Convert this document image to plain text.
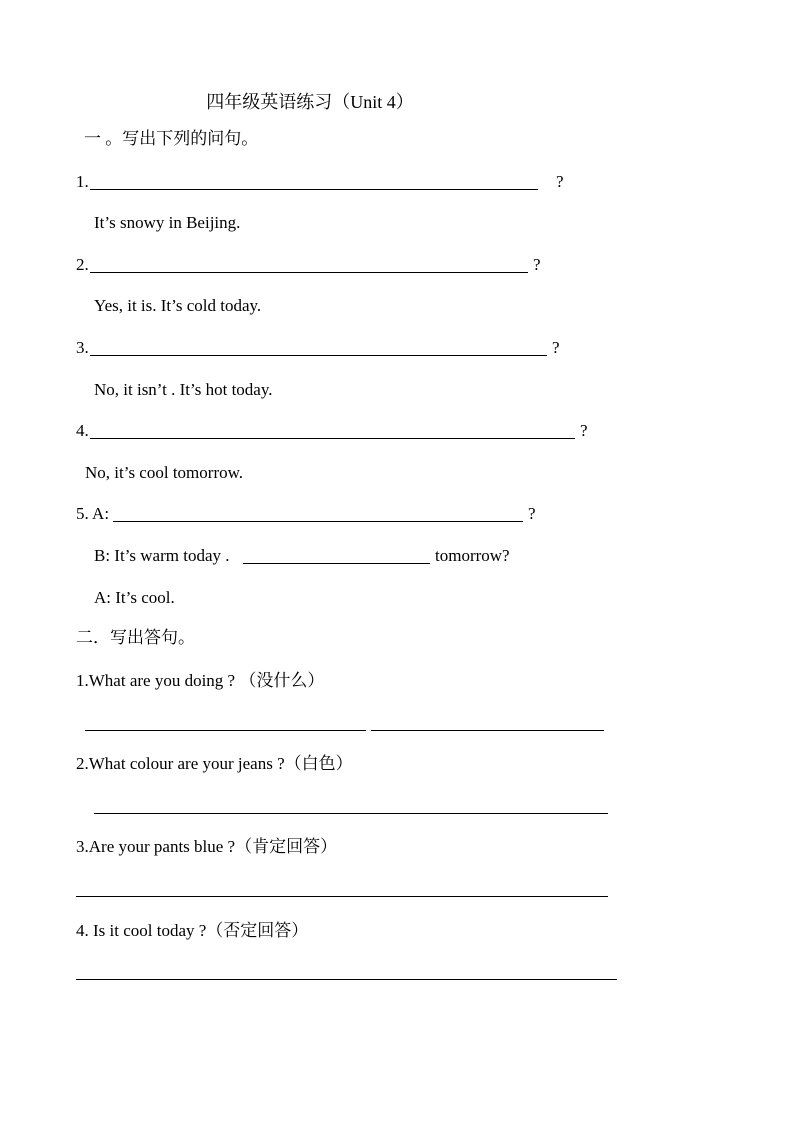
四年级英语练习（Unit 4）
一 。写出下列的问句。
1.	?
It’s snowy in Beijing.
2.	?
Yes, it is. It’s cold today.
3.	?
No, it isn’t . It’s hot today.
4.	?
No, it’s cool tomorrow.
5. A:	?
B: It’s warm today .	tomorrow?
A: It’s cool.
二．写出答句。
1.What are you doing ? （没什么）
2.What colour are your jeans ?（白色）
3.Are your pants blue ?（肯定回答）
4. Is it cool today ?（否定回答）
